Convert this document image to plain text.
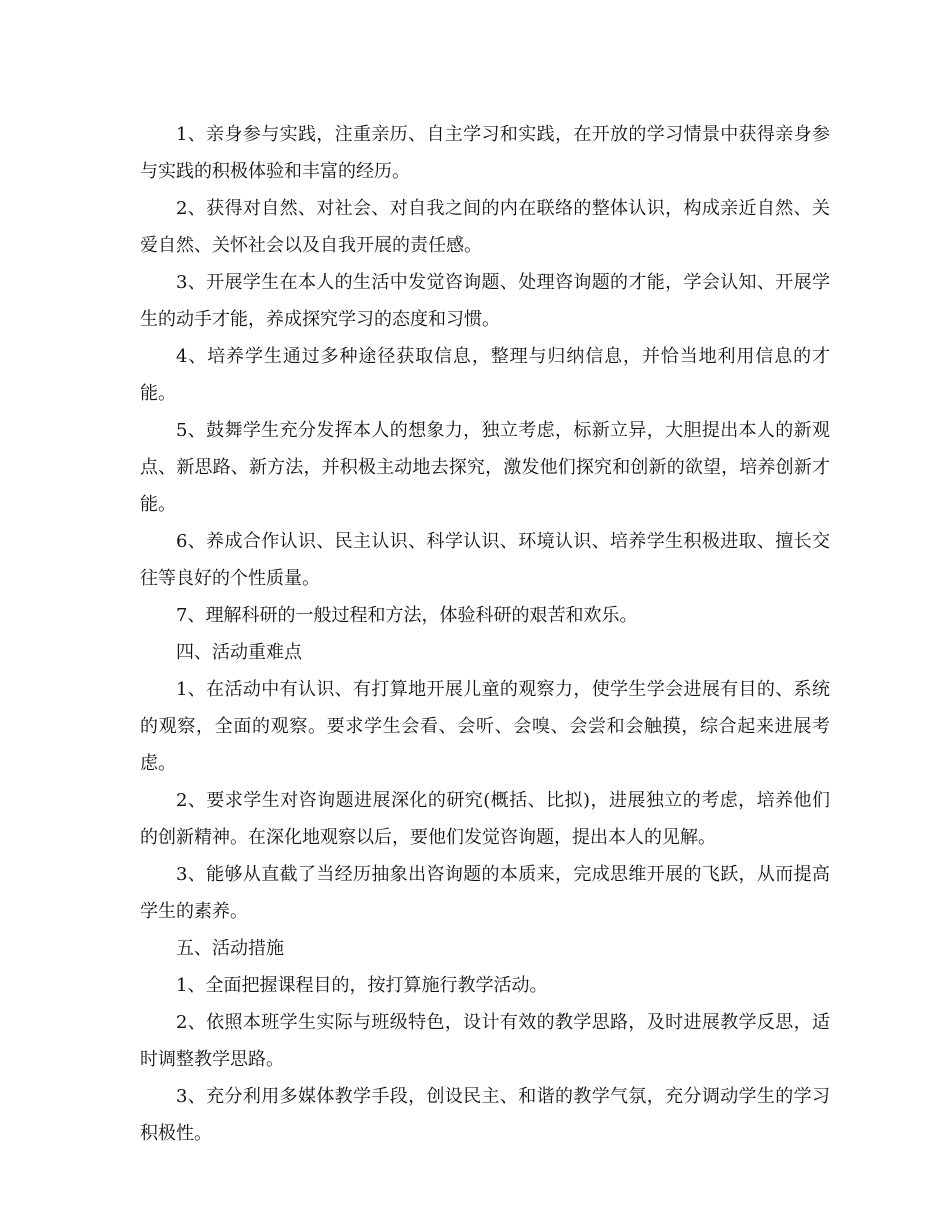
1、亲身参与实践，注重亲历、自主学习和实践，在开放的学习情景中获得亲身参与实践的积极体验和丰富的经历。

2、获得对自然、对社会、对自我之间的内在联络的整体认识，构成亲近自然、关爱自然、关怀社会以及自我开展的责任感。

3、开展学生在本人的生活中发觉咨询题、处理咨询题的才能，学会认知、开展学生的动手才能，养成探究学习的态度和习惯。

4、培养学生通过多种途径获取信息，整理与归纳信息，并恰当地利用信息的才能。

5、鼓舞学生充分发挥本人的想象力，独立考虑，标新立异，大胆提出本人的新观点、新思路、新方法，并积极主动地去探究，激发他们探究和创新的欲望，培养创新才能。

6、养成合作认识、民主认识、科学认识、环境认识、培养学生积极进取、擅长交往等良好的个性质量。

7、理解科研的一般过程和方法，体验科研的艰苦和欢乐。

四、活动重难点

1、在活动中有认识、有打算地开展儿童的观察力，使学生学会进展有目的、系统的观察，全面的观察。要求学生会看、会听、会嗅、会尝和会触摸，综合起来进展考虑。

2、要求学生对咨询题进展深化的研究(概括、比拟)，进展独立的考虑，培养他们的创新精神。在深化地观察以后，要他们发觉咨询题，提出本人的见解。

3、能够从直截了当经历抽象出咨询题的本质来，完成思维开展的飞跃，从而提高学生的素养。

五、活动措施

1、全面把握课程目的，按打算施行教学活动。

2、依照本班学生实际与班级特色，设计有效的教学思路，及时进展教学反思，适时调整教学思路。

3、充分利用多媒体教学手段，创设民主、和谐的教学气氛，充分调动学生的学习积极性。
